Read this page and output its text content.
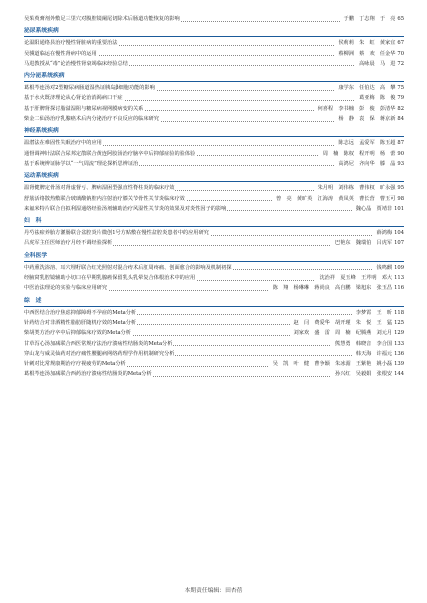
吴茱萸膏剂外敷足三里穴对腹腔镜阑尾切除术后肠道功能恢复的影响	于鹏　丁志翔　于　亮 65
泌尿系统疾病
论温阳通络县治疗慢性肾脏病的重要治法	侯莉莉　朱　虹　黄家宜 67
吴骥道临运在慢性肾病中的运用	蔡柳洲　蔡　欢　任金华 70
马进教授从“毒”论治慢性肾衰竭临床经验总结	高咏晨　马　进 72
内分泌系统疾病
葛根芩连汤对2型糖尿病肠道湿热证胰岛β细胞功能的影响	康学东　任伯达　高　攀 75
基于水火既济理论从心肾论治消渴病口干症	葛亚梅　陈　俊 79
基于肝脾肾探讨脂溢湿阻与糖尿病视网膜病变的关系	何喜程　李书楠　彭　俊　彭清华 82
柴金二仙汤治疗乳腺癌术后内分泌治疗不良反应的临床研究	杨　静　袁　保　蒋京新 84
神经系统疾病
温潜法在难固性失眠治疗中的应用	陈志远　孟爱军　陈玉超 87
通督调神针法联合尿邦定散联合黄连阿胶汤治疗脑卒中后抑郁症验的验体验	周　楠　陈权　程开明　杨　蕾 90
基于系统辨证脉学以“一气周流”理论探析思辨证治	高鸿尼　齐向华　滕　晶 93
运动系统疾病
温肾健脾定骨汤对肾虚督亏、脾病湿困型强直性脊柱炎的临床疗效	朱月明　刘伟栋　曹伟权　旷永强 95
舒筋活络散热敷联合玻璃酸钠腔内注射治疗膝关节骨性关节炎临床疗效	曾　亮　黄旷英　江海涛　黄凤英　曹长营　曹玉可 98
来氟米特片联合自拟利湿通络经验汤剂辅助治疗风湿性关节炎的效果及对炎性因子的影响	魏心晶　贾靖非 101
妇　科
丹芍祛瘀养胎方灌肠联合盆腔炎片微创1号方贴敷在慢性盆腔炎患者中的应用研究	薛鸿梅 104
吕虎军主任医师治疗月经不调经验探析	巴艳东　魏瑞伯　吕虎军 107
全科医学
中药熏洗浴溶、耳穴埋籽联合红光照射对混合痔术后肛周疼痛、创面愈合的影响及机制初探	钱鸣麒 109
经腋窝乳腔镜辅助小切口在早期乳腺癌保留乳头乳晕复合体根治术中的应用	沈治祥　夏玉峰　王芹明　邓大 113
中医治法理论的实验与临床应用研究	陈　翔　杨琳琳　蒋尚良　高自鹏　梁旭东　张玉昌 116
综　述
中西医结合治疗焦虑抑郁障碍不孕症的Meta分析	李梦霄　王　昕 118
针药结合对非酒精性脂肪肝随机疗效的Meta分析	赵　闫　费爱华　胡开瑾　朱　悦　王　猛 125
柴胡类方治疗卒中后抑郁临床疗效的Meta分析	刘家欢　盛　雷　周　楠　纪腾燕　刘元月 129
甘草泻心汤加减联合西医常规疗法治疗溃疡性结肠炎的Meta分析	熊慧勇　韩晓音　李合国 133
穿山龙与威灵仙药对治疗痛性腰腿病网络药理学作用机制研究分析	韩天海　许福元 136
针刺对比常规康期治疗疗视疲劳的Meta分析	吴　凯　叶　健　曹争颖　朱冰湄　王紫艳　姚小磊 139
葛根芩连汤加减联合西药治疗溃疡性结肠炎的Meta分析	孙兴红　吴毅娟　张根安 144
本期责任编辑：田杏蓓
